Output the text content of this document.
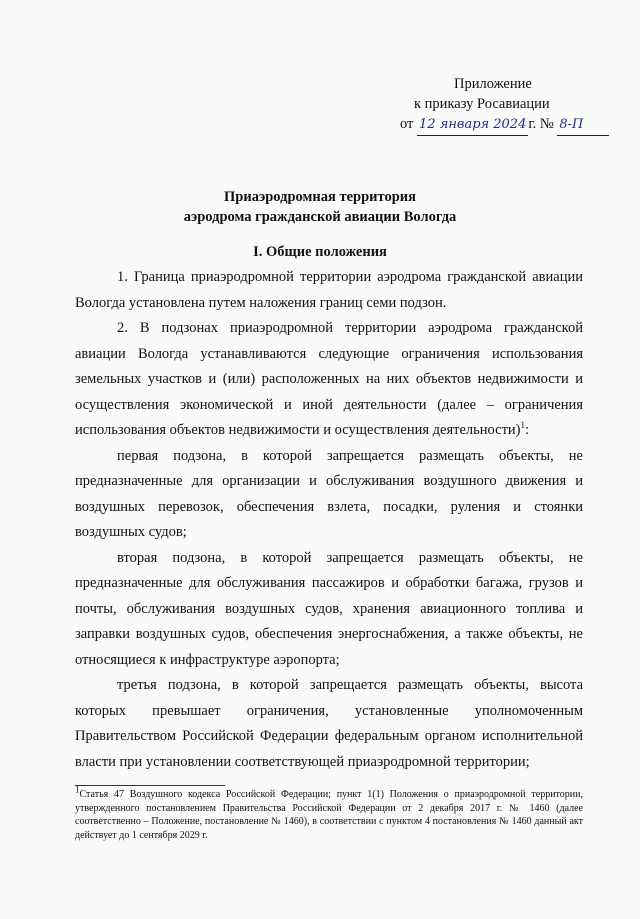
Приложение
к приказу Росавиации
от 12 января 2024 г. № 8-П
Приаэродромная территория
аэродрома гражданской авиации Вологда
I. Общие положения

1. Граница приаэродромной территории аэродрома гражданской авиации Вологда установлена путем наложения границ семи подзон.

2. В подзонах приаэродромной территории аэродрома гражданской авиации Вологда устанавливаются следующие ограничения использования земельных участков и (или) расположенных на них объектов недвижимости и осуществления экономической и иной деятельности (далее – ограничения использования объектов недвижимости и осуществления деятельности)$^1$:

первая подзона, в которой запрещается размещать объекты, не предназначенные для организации и обслуживания воздушного движения и воздушных перевозок, обеспечения взлета, посадки, руления и стоянки воздушных судов;

вторая подзона, в которой запрещается размещать объекты, не предназначенные для обслуживания пассажиров и обработки багажа, грузов и почты, обслуживания воздушных судов, хранения авиационного топлива и заправки воздушных судов, обеспечения энергоснабжения, а также объекты, не относящиеся к инфраструктуре аэропорта;

третья подзона, в которой запрещается размещать объекты, высота которых превышает ограничения, установленные уполномоченным Правительством Российской Федерации федеральным органом исполнительной власти при установлении соответствующей приаэродромной территории;

1Статья 47 Воздушного кодекса Российской Федерации; пункт 1(1) Положения о приаэродромной территории, утвержденного постановлением Правительства Российской Федерации от 2 декабря 2017 г. № 1460 (далее соответственно – Положение, постановление № 1460), в соответствии с пунктом 4 постановления № 1460 данный акт действует до 1 сентября 2029 г.
